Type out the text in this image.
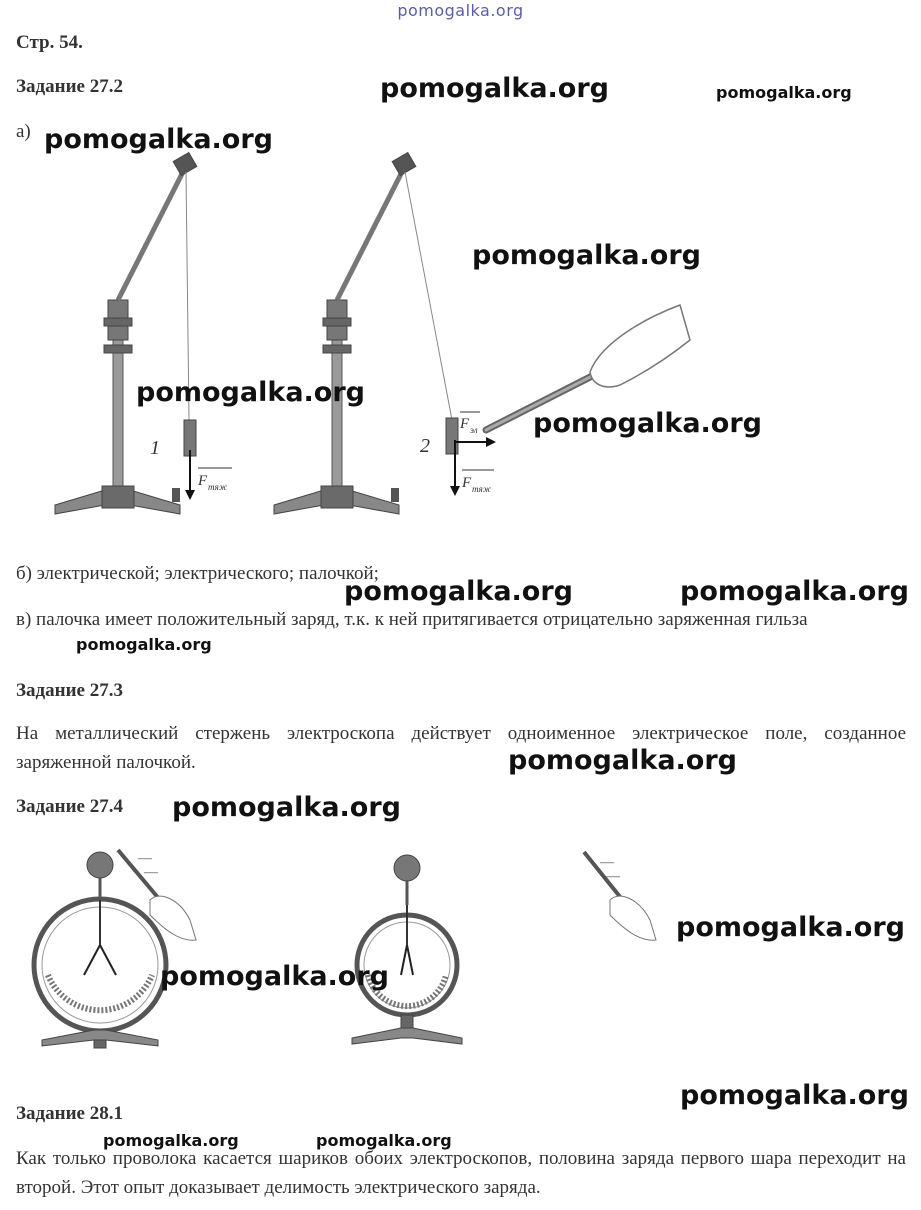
pomogalka.org
Стр. 54.
Задание 27.2
а)
1
F тяж
2
F эл
F тяж
б) электрической; электрического; палочкой;
в) палочка имеет положительный заряд, т.к. к ней притягивается отрицательно заряженная гильза
Задание 27.3
На металлический стержень электроскопа действует одноименное электрическое поле, созданное заряженной палочкой.
Задание 27.4
—
—
—
—
Задание 28.1
Как только проволока касается шариков обоих электроскопов, половина заряда первого шара переходит на второй. Этот опыт доказывает делимость электрического заряда.
pomogalka.org	pomogalka.org
pomogalka.org
pomogalka.org
pomogalka.org
pomogalka.org
pomogalka.org	pomogalka.org
pomogalka.org
pomogalka.org
pomogalka.org
pomogalka.org
pomogalka.org
pomogalka.org
pomogalka.org	pomogalka.org
